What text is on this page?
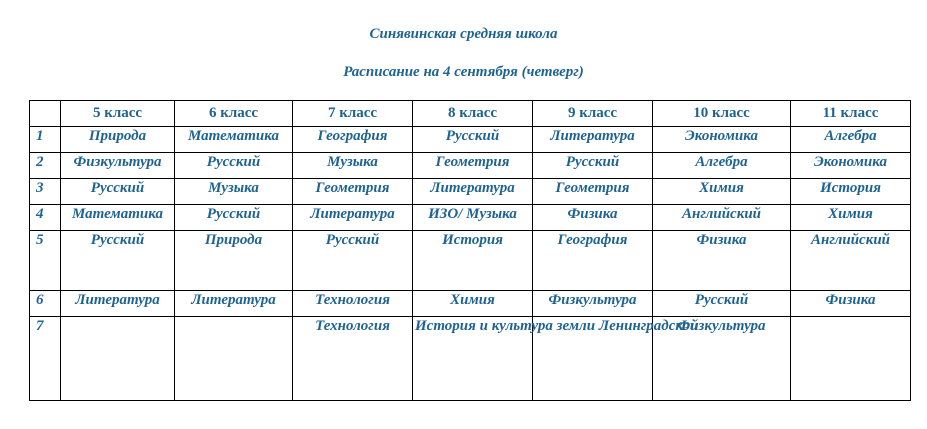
Синявинская средняя школа
Расписание на 4 сентября (четверг)
	5 класс	6 класс	7 класс	8 класс	9 класс	10 класс	11 класс
1	Природа	Математика	География	Русский	Литература	Экономика	Алгебра
2	Физкультура	Русский	Музыка	Геометрия	Русский	Алгебра	Экономика
3	Русский	Музыка	Геометрия	Литература	Геометрия	Химия	История
4	Математика	Русский	Литература	ИЗО/ Музыка	Физика	Английский	Химия
5	Русский	Природа	Русский	История	География	Физика	Английский
6	Литература	Литература	Технология	Химия	Физкультура	Русский	Физика
7			Технология	История и культура земли Ленинградской		Физкультура	
